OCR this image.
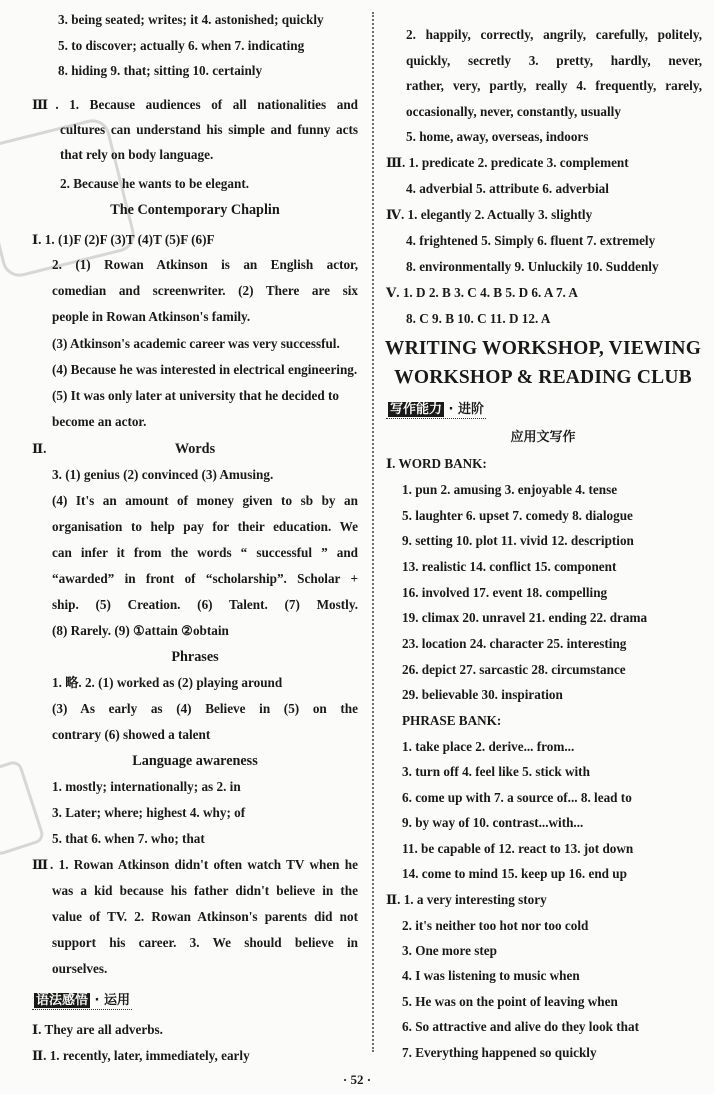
3. being seated; writes; it 4. astonished; quickly
5. to discover; actually 6. when 7. indicating
8. hiding 9. that; sitting 10. certainly
Ⅲ. 1. Because audiences of all nationalities and
cultures can understand his simple and funny acts
that rely on body language.
2. Because he wants to be elegant.
The Contemporary Chaplin
Ⅰ. 1. (1)F (2)F (3)T (4)T (5)F (6)F
2. (1) Rowan Atkinson is an English actor,
comedian and screenwriter. (2) There are six
people in Rowan Atkinson's family.
(3) Atkinson's academic career was very successful.
(4) Because he was interested in electrical engineering.
(5) It was only later at university that he decided to
become an actor.
Ⅱ.	Words
3. (1) genius (2) convinced (3) Amusing.
(4) It's an amount of money given to sb by an
organisation to help pay for their education. We
can infer it from the words “ successful ” and
“awarded” in front of “scholarship”. Scholar +
ship. (5) Creation. (6) Talent. (7) Mostly.
(8) Rarely. (9) ①attain ②obtain
Phrases
1. 略. 2. (1) worked as (2) playing around
(3) As early as (4) Believe in (5) on the
contrary (6) showed a talent
Language awareness
1. mostly; internationally; as 2. in
3. Later; where; highest 4. why; of
5. that 6. when 7. who; that
Ⅲ. 1. Rowan Atkinson didn't often watch TV when he
was a kid because his father didn't believe in the
value of TV. 2. Rowan Atkinson's parents did not
support his career. 3. We should believe in
ourselves.
语法感悟 · 运用
Ⅰ. They are all adverbs.
Ⅱ. 1. recently, later, immediately, early
2. happily, correctly, angrily, carefully, politely,
quickly, secretly 3. pretty, hardly, never,
rather, very, partly, really 4. frequently, rarely,
occasionally, never, constantly, usually
5. home, away, overseas, indoors
Ⅲ. 1. predicate 2. predicate 3. complement
4. adverbial 5. attribute 6. adverbial
Ⅳ. 1. elegantly 2. Actually 3. slightly
4. frightened 5. Simply 6. fluent 7. extremely
8. environmentally 9. Unluckily 10. Suddenly
Ⅴ. 1. D 2. B 3. C 4. B 5. D 6. A 7. A
8. C 9. B 10. C 11. D 12. A
WRITING WORKSHOP, VIEWING
WORKSHOP & READING CLUB
写作能力 · 进阶
应用文写作
Ⅰ. WORD BANK:
1. pun 2. amusing 3. enjoyable 4. tense
5. laughter 6. upset 7. comedy 8. dialogue
9. setting 10. plot 11. vivid 12. description
13. realistic 14. conflict 15. component
16. involved 17. event 18. compelling
19. climax 20. unravel 21. ending 22. drama
23. location 24. character 25. interesting
26. depict 27. sarcastic 28. circumstance
29. believable 30. inspiration
PHRASE BANK:
1. take place 2. derive... from...
3. turn off 4. feel like 5. stick with
6. come up with 7. a source of... 8. lead to
9. by way of 10. contrast...with...
11. be capable of 12. react to 13. jot down
14. come to mind 15. keep up 16. end up
Ⅱ. 1. a very interesting story
2. it's neither too hot nor too cold
3. One more step
4. I was listening to music when
5. He was on the point of leaving when
6. So attractive and alive do they look that
7. Everything happened so quickly
· 52 ·
